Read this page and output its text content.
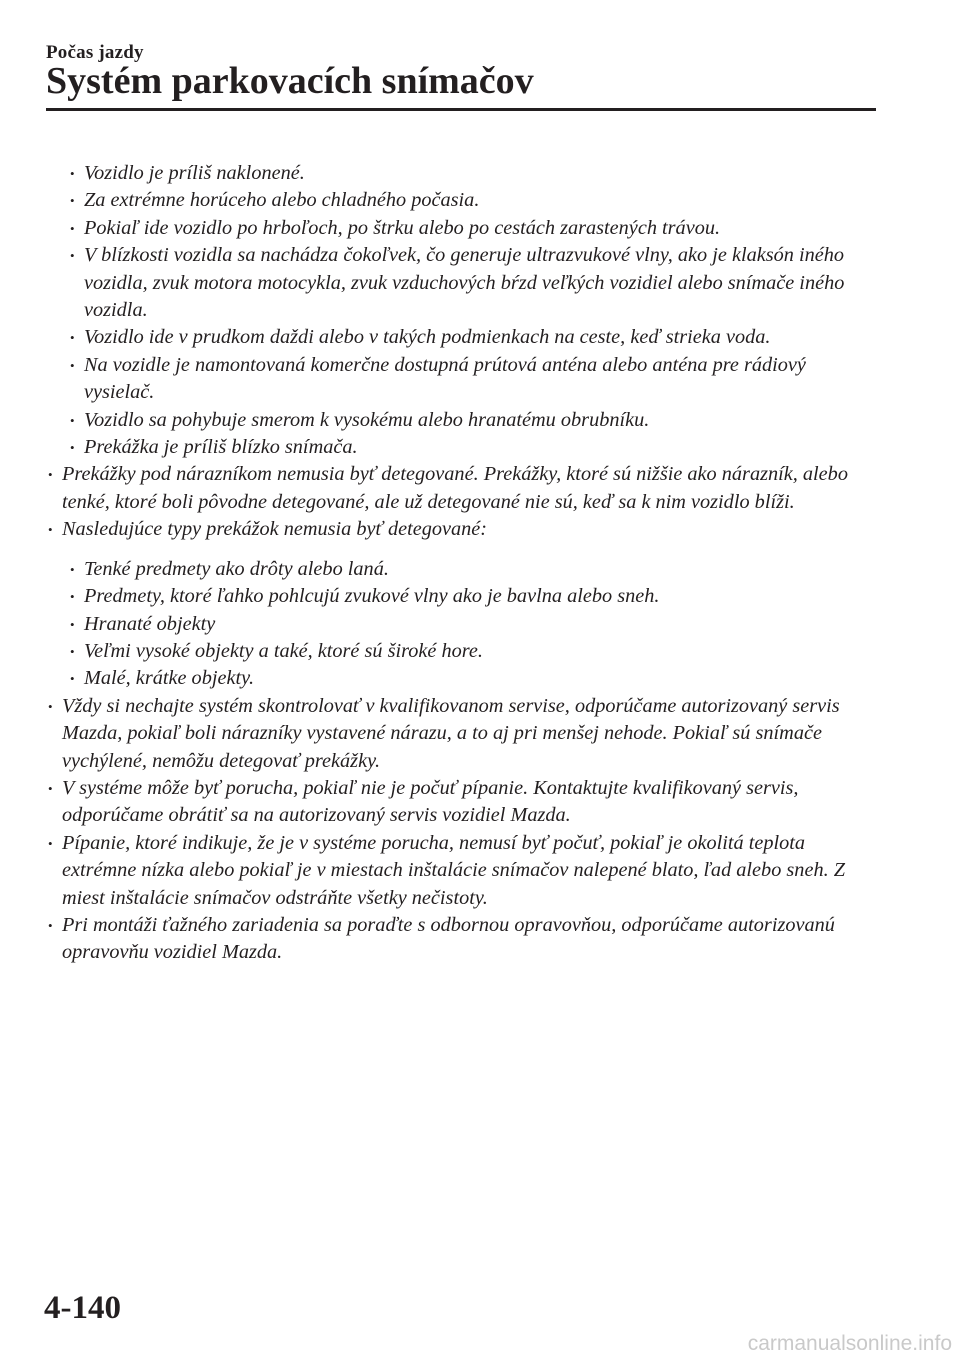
Počas jazdy
Systém parkovacích snímačov
• Vozidlo je príliš naklonené.
• Za extrémne horúceho alebo chladného počasia.
• Pokiaľ ide vozidlo po hrboľoch, po štrku alebo po cestách zarastených trávou.
• V blízkosti vozidla sa nachádza čokoľvek, čo generuje ultrazvukové vlny, ako je klaksón iného vozidla, zvuk motora motocykla, zvuk vzduchových bŕzd veľkých vozidiel alebo snímače iného vozidla.
• Vozidlo ide v prudkom daždi alebo v takých podmienkach na ceste, keď strieka voda.
• Na vozidle je namontovaná komerčne dostupná prútová anténa alebo anténa pre rádiový vysielač.
• Vozidlo sa pohybuje smerom k vysokému alebo hranatému obrubníku.
• Prekážka je príliš blízko snímača.
• Prekážky pod nárazníkom nemusia byť detegované. Prekážky, ktoré sú nižšie ako nárazník, alebo tenké, ktoré boli pôvodne detegované, ale už detegované nie sú, keď sa k nim vozidlo blíži.
• Nasledujúce typy prekážok nemusia byť detegované:
• Tenké predmety ako drôty alebo laná.
• Predmety, ktoré ľahko pohlcujú zvukové vlny ako je bavlna alebo sneh.
• Hranaté objekty
• Veľmi vysoké objekty a také, ktoré sú široké hore.
• Malé, krátke objekty.
• Vždy si nechajte systém skontrolovať v kvalifikovanom servise, odporúčame autorizovaný servis Mazda, pokiaľ boli nárazníky vystavené nárazu, a to aj pri menšej nehode. Pokiaľ sú snímače vychýlené, nemôžu detegovať prekážky.
• V systéme môže byť porucha, pokiaľ nie je počuť pípanie. Kontaktujte kvalifikovaný servis, odporúčame obrátiť sa na autorizovaný servis vozidiel Mazda.
• Pípanie, ktoré indikuje, že je v systéme porucha, nemusí byť počuť, pokiaľ je okolitá teplota extrémne nízka alebo pokiaľ je v miestach inštalácie snímačov nalepené blato, ľad alebo sneh. Z miest inštalácie snímačov odstráňte všetky nečistoty.
• Pri montáži ťažného zariadenia sa poraďte s odbornou opravovňou, odporúčame autorizovanú opravovňu vozidiel Mazda.
4-140
carmanualsonline.info
